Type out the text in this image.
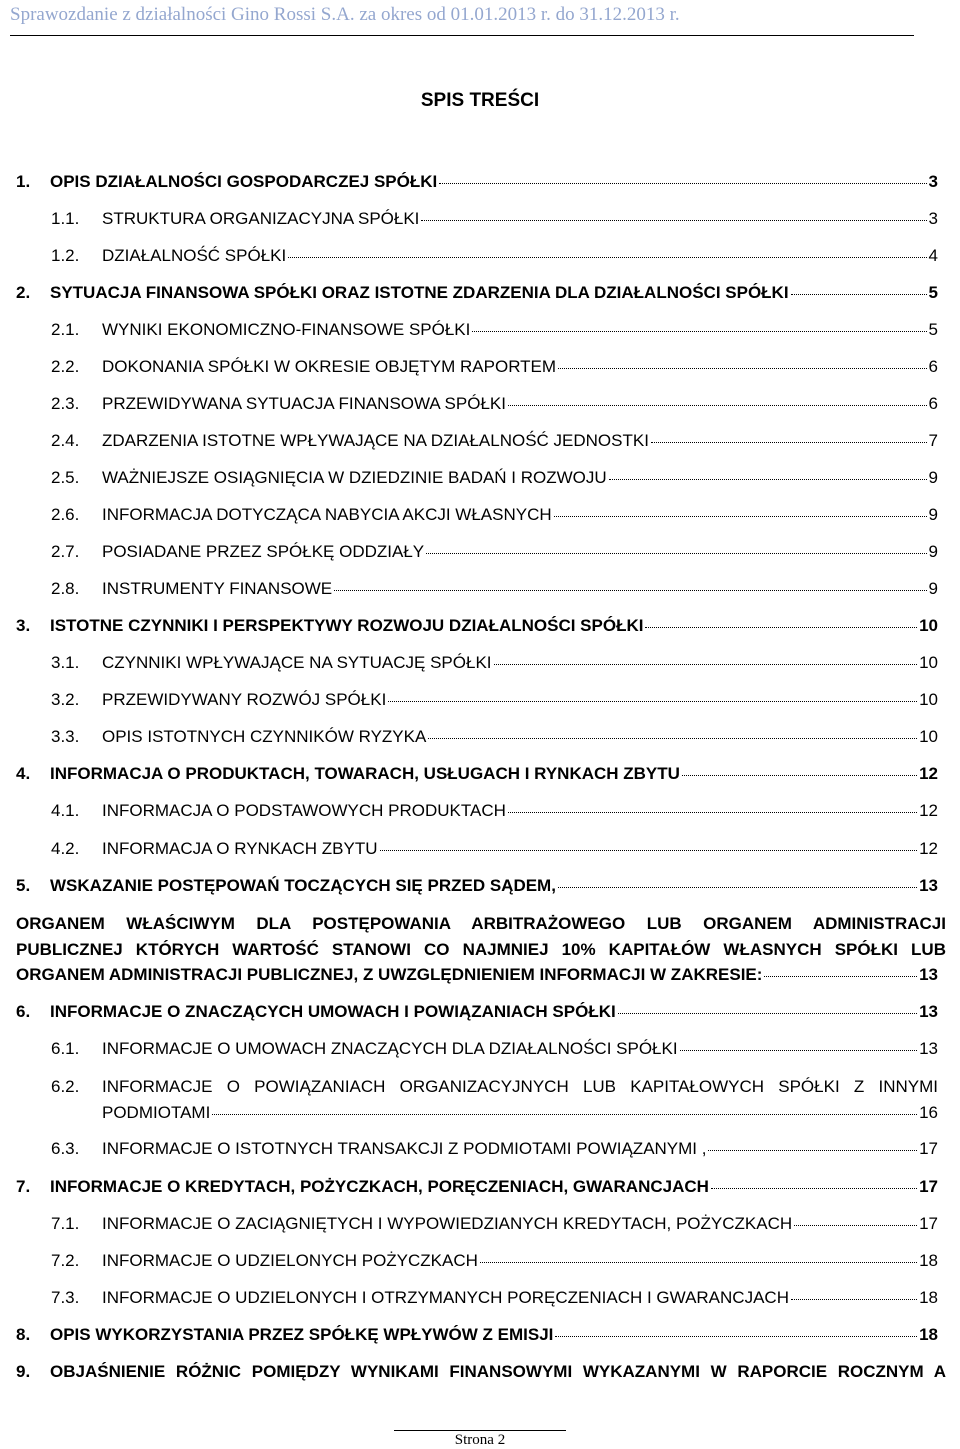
Sprawozdanie z działalności Gino Rossi S.A. za okres od 01.01.2013 r. do 31.12.2013 r.
SPIS TREŚCI
1.	OPIS DZIAŁALNOŚCI GOSPODARCZEJ SPÓŁKI	3
1.1.	STRUKTURA ORGANIZACYJNA SPÓŁKI	3
1.2.	DZIAŁALNOŚĆ SPÓŁKI	4
2.	SYTUACJA FINANSOWA SPÓŁKI ORAZ ISTOTNE ZDARZENIA DLA DZIAŁALNOŚCI SPÓŁKI	5
2.1.	WYNIKI EKONOMICZNO-FINANSOWE SPÓŁKI	5
2.2.	DOKONANIA SPÓŁKI W OKRESIE OBJĘTYM RAPORTEM	6
2.3.	PRZEWIDYWANA SYTUACJA FINANSOWA SPÓŁKI	6
2.4.	ZDARZENIA ISTOTNE WPŁYWAJĄCE NA DZIAŁALNOŚĆ JEDNOSTKI	7
2.5.	WAŻNIEJSZE OSIĄGNIĘCIA W DZIEDZINIE BADAŃ I ROZWOJU	9
2.6.	INFORMACJA DOTYCZĄCA NABYCIA AKCJI WŁASNYCH	9
2.7.	POSIADANE PRZEZ SPÓŁKĘ ODDZIAŁY	9
2.8.	INSTRUMENTY FINANSOWE	9
3.	ISTOTNE CZYNNIKI I PERSPEKTYWY ROZWOJU DZIAŁALNOŚCI SPÓŁKI	10
3.1.	CZYNNIKI WPŁYWAJĄCE NA SYTUACJĘ SPÓŁKI	10
3.2.	PRZEWIDYWANY ROZWÓJ SPÓŁKI	10
3.3.	OPIS ISTOTNYCH CZYNNIKÓW RYZYKA	10
4.	INFORMACJA O PRODUKTACH, TOWARACH, USŁUGACH I RYNKACH ZBYTU	12
4.1.	INFORMACJA O PODSTAWOWYCH PRODUKTACH	12
4.2.	INFORMACJA O RYNKACH ZBYTU	12
5.	WSKAZANIE POSTĘPOWAŃ TOCZĄCYCH SIĘ PRZED SĄDEM,	13
ORGANEM WŁAŚCIWYM DLA POSTĘPOWANIA ARBITRAŻOWEGO LUB ORGANEM ADMINISTRACJI
PUBLICZNEJ KTÓRYCH WARTOŚĆ STANOWI CO NAJMNIEJ 10% KAPITAŁÓW WŁASNYCH SPÓŁKI LUB
ORGANEM ADMINISTRACJI PUBLICZNEJ, Z UWZGLĘDNIENIEM INFORMACJI W ZAKRESIE:	13
6.	INFORMACJE O ZNACZĄCYCH UMOWACH I POWIĄZANIACH SPÓŁKI	13
6.1.	INFORMACJE O UMOWACH ZNACZĄCYCH DLA DZIAŁALNOŚCI SPÓŁKI	13
6.2.	INFORMACJE O POWIĄZANIACH ORGANIZACYJNYCH LUB KAPITAŁOWYCH SPÓŁKI Z INNYMI
PODMIOTAMI	16
6.3.	INFORMACJE O ISTOTNYCH TRANSAKCJI Z PODMIOTAMI POWIĄZANYMI ,	17
7.	INFORMACJE O KREDYTACH, POŻYCZKACH, PORĘCZENIACH, GWARANCJACH	17
7.1.	INFORMACJE O ZACIĄGNIĘTYCH I WYPOWIEDZIANYCH KREDYTACH, POŻYCZKACH	17
7.2.	INFORMACJE O UDZIELONYCH POŻYCZKACH	18
7.3.	INFORMACJE O UDZIELONYCH I OTRZYMANYCH PORĘCZENIACH I GWARANCJACH	18
8.	OPIS WYKORZYSTANIA PRZEZ SPÓŁKĘ WPŁYWÓW Z EMISJI	18
9.	OBJAŚNIENIE RÓŻNIC POMIĘDZY WYNIKAMI FINANSOWYMI WYKAZANYMI W RAPORCIE ROCZNYM A
Strona 2
